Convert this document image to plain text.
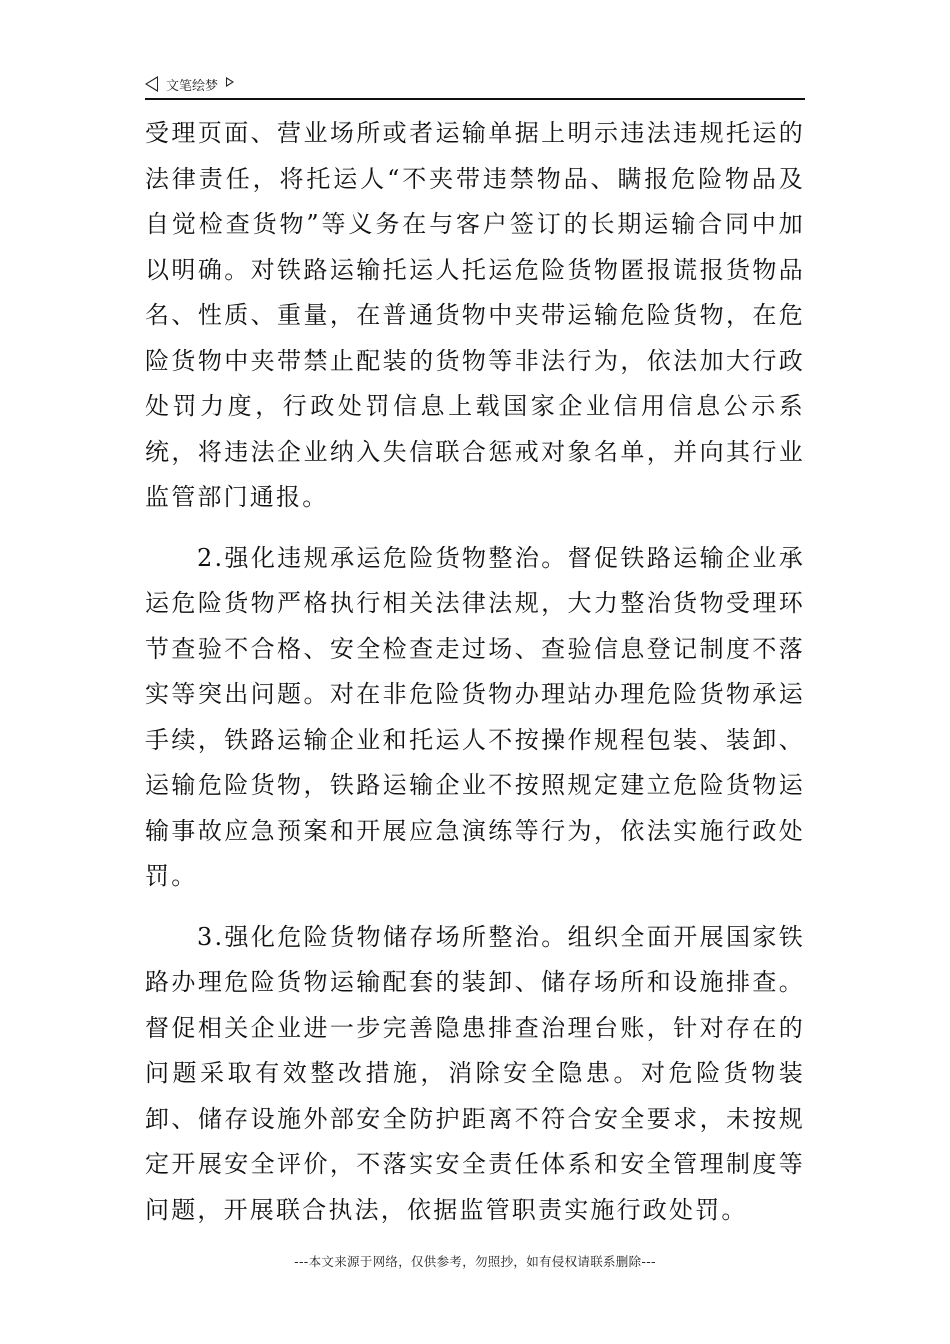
文笔绘梦

受理页面、营业场所或者运输单据上明示违法违规托运的法律责任，将托运人“不夹带违禁物品、瞒报危险物品及自觉检查货物”等义务在与客户签订的长期运输合同中加以明确。对铁路运输托运人托运危险货物匿报谎报货物品名、性质、重量，在普通货物中夹带运输危险货物，在危险货物中夹带禁止配装的货物等非法行为，依法加大行政处罚力度，行政处罚信息上载国家企业信用信息公示系统，将违法企业纳入失信联合惩戒对象名单，并向其行业监管部门通报。

2.强化违规承运危险货物整治。督促铁路运输企业承运危险货物严格执行相关法律法规，大力整治货物受理环节查验不合格、安全检查走过场、查验信息登记制度不落实等突出问题。对在非危险货物办理站办理危险货物承运手续，铁路运输企业和托运人不按操作规程包装、装卸、运输危险货物，铁路运输企业不按照规定建立危险货物运输事故应急预案和开展应急演练等行为，依法实施行政处罚。

3.强化危险货物储存场所整治。组织全面开展国家铁路办理危险货物运输配套的装卸、储存场所和设施排查。督促相关企业进一步完善隐患排查治理台账，针对存在的问题采取有效整改措施，消除安全隐患。对危险货物装卸、储存设施外部安全防护距离不符合安全要求，未按规定开展安全评价，不落实安全责任体系和安全管理制度等问题，开展联合执法，依据监管职责实施行政处罚。

---本文来源于网络，仅供参考，勿照抄，如有侵权请联系删除---
